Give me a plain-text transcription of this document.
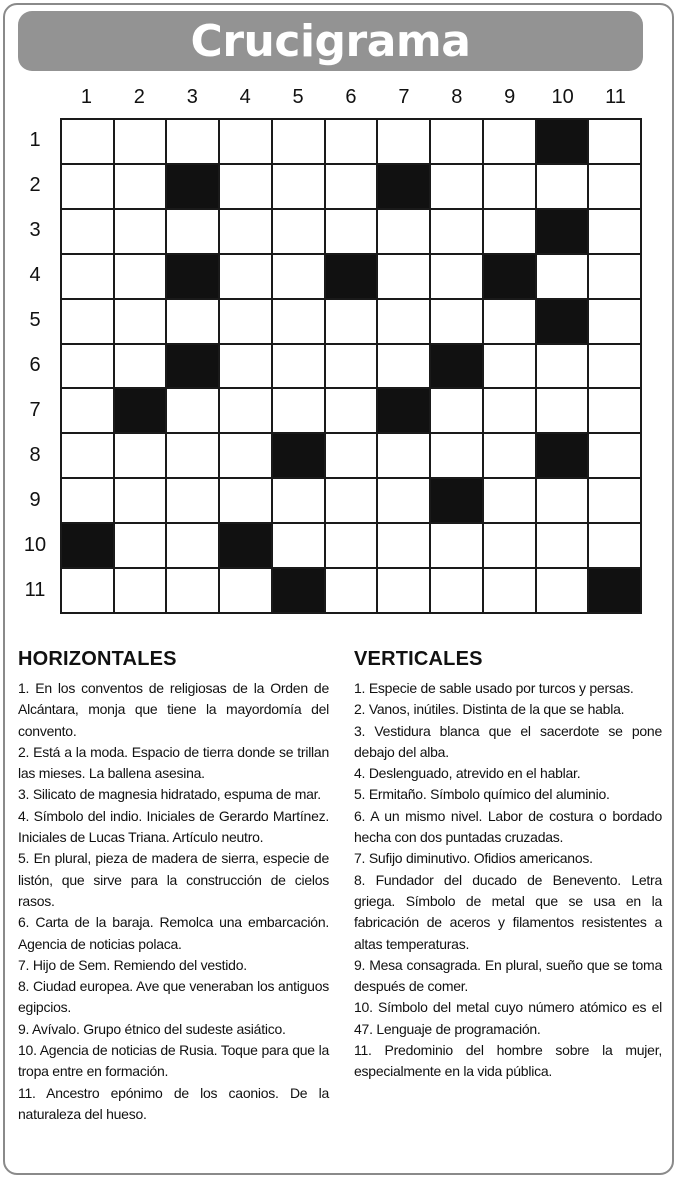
Crucigrama
1	2	3	4	5	6	7	8	9	10	11
1
2
3
4
5
6
7
8
9
10
11
HORIZONTALES

1. En los conventos de religiosas de la Orden de Alcántara, monja que tiene la mayordomía del convento.

2. Está a la moda. Espacio de tierra donde se trillan las mieses. La ballena asesina.

3. Silicato de magnesia hidratado, espuma de mar.

4. Símbolo del indio. Iniciales de Gerardo Martínez. Iniciales de Lucas Triana. Artículo neutro.

5. En plural, pieza de madera de sierra, especie de listón, que sirve para la construcción de cielos rasos.

6. Carta de la baraja. Remolca una embarcación. Agencia de noticias polaca.

7. Hijo de Sem. Remiendo del vestido.

8. Ciudad europea. Ave que veneraban los antiguos egipcios.

9. Avívalo. Grupo étnico del sudeste asiático.

10. Agencia de noticias de Rusia. Toque para que la tropa entre en formación.

11. Ancestro epónimo de los caonios. De la naturaleza del hueso.

VERTICALES

1. Especie de sable usado por turcos y persas.

2. Vanos, inútiles. Distinta de la que se habla.

3. Vestidura blanca que el sacerdote se pone debajo del alba.

4. Deslenguado, atrevido en el hablar.

5. Ermitaño. Símbolo químico del aluminio.

6. A un mismo nivel. Labor de costura o bordado hecha con dos puntadas cruzadas.

7. Sufijo diminutivo. Ofidios americanos.

8. Fundador del ducado de Benevento. Letra griega. Símbolo de metal que se usa en la fabricación de aceros y filamentos resistentes a altas temperaturas.

9. Mesa consagrada. En plural, sueño que se toma después de comer.

10. Símbolo del metal cuyo número atómico es el 47. Lenguaje de programación.

11. Predominio del hombre sobre la mujer, especialmente en la vida pública.
